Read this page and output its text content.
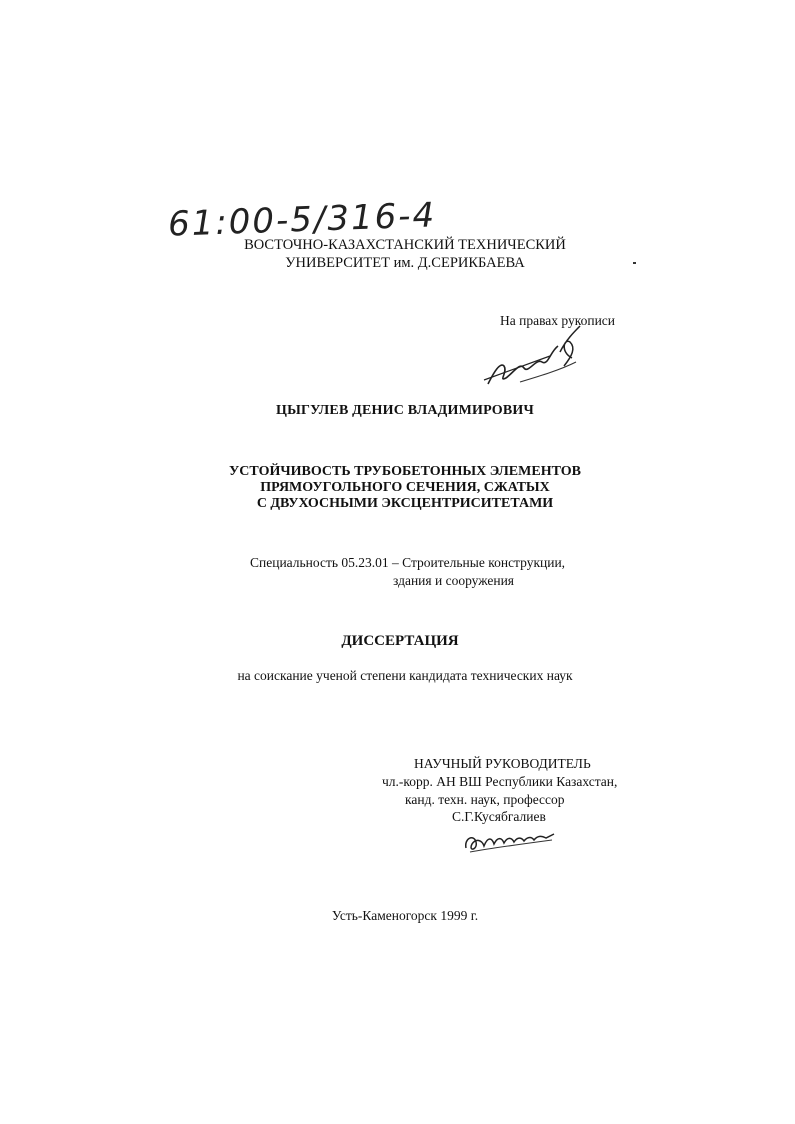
61:00-5/316-4
ВОСТОЧНО-КАЗАХСТАНСКИЙ ТЕХНИЧЕСКИЙ
УНИВЕРСИТЕТ им. Д.СЕРИКБАЕВА
На правах рукописи
ЦЫГУЛЕВ ДЕНИС ВЛАДИМИРОВИЧ
УСТОЙЧИВОСТЬ ТРУБОБЕТОННЫХ ЭЛЕМЕНТОВ
ПРЯМОУГОЛЬНОГО СЕЧЕНИЯ, СЖАТЫХ
С ДВУХОСНЫМИ ЭКСЦЕНТРИСИТЕТАМИ
Специальность 05.23.01 – Строительные конструкции,
здания и сооружения
ДИССЕРТАЦИЯ
на соискание ученой степени кандидата технических наук
НАУЧНЫЙ РУКОВОДИТЕЛЬ
чл.-корр. АН ВШ Республики Казахстан,
канд. техн. наук, профессор
С.Г.Кусябгалиев
Усть-Каменогорск 1999 г.
